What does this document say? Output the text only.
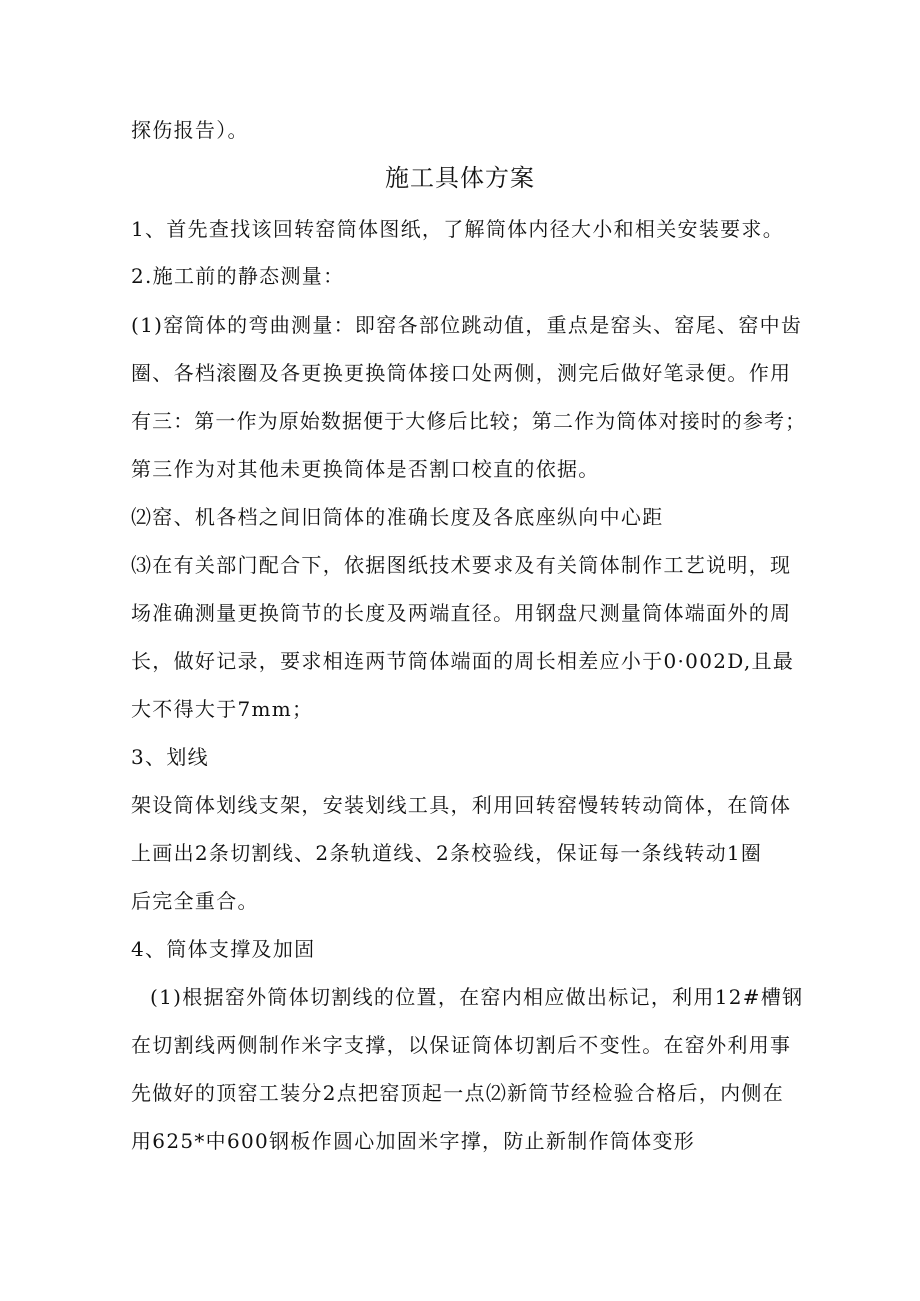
探伤报告）。

施工具体方案

1、首先查找该回转窑筒体图纸，了解筒体内径大小和相关安装要求。

2.施工前的静态测量：

(1)窑筒体的弯曲测量：即窑各部位跳动值，重点是窑头、窑尾、窑中齿

圈、各档滚圈及各更换更换筒体接口处两侧，测完后做好笔录便。作用

有三：第一作为原始数据便于大修后比较；第二作为筒体对接时的参考；

第三作为对其他未更换筒体是否割口校直的依据。

⑵窑、机各档之间旧筒体的准确长度及各底座纵向中心距

⑶在有关部门配合下，依据图纸技术要求及有关筒体制作工艺说明，现

场准确测量更换筒节的长度及两端直径。用钢盘尺测量筒体端面外的周

长，做好记录，要求相连两节筒体端面的周长相差应小于0·002D,且最

大不得大于7mm；

3、划线

架设筒体划线支架，安装划线工具，利用回转窑慢转转动筒体，在筒体

上画出2条切割线、2条轨道线、2条校验线，保证每一条线转动1圈

后完全重合。

4、筒体支撑及加固

(1)根据窑外筒体切割线的位置，在窑内相应做出标记，利用12#槽钢

在切割线两侧制作米字支撑，以保证筒体切割后不变性。在窑外利用事

先做好的顶窑工装分2点把窑顶起一点⑵新筒节经检验合格后，内侧在

用625*中600钢板作圆心加固米字撑，防止新制作筒体变形
